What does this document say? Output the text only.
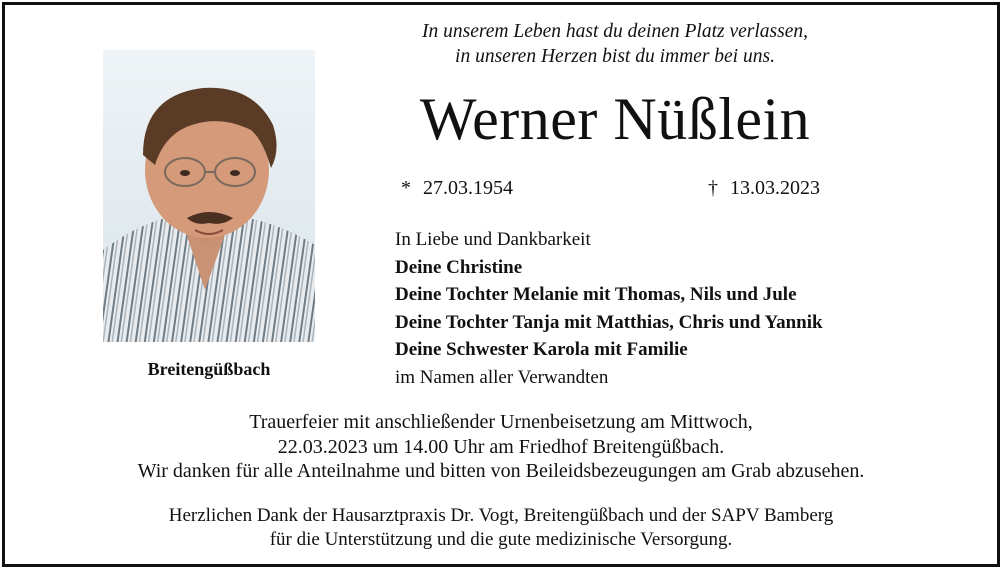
In unserem Leben hast du deinen Platz verlassen,
in unseren Herzen bist du immer bei uns.
Werner Nüßlein
* 27.03.1954	† 13.03.2023
Breitengüßbach
In Liebe und Dankbarkeit
Deine Christine
Deine Tochter Melanie mit Thomas, Nils und Jule
Deine Tochter Tanja mit Matthias, Chris und Yannik
Deine Schwester Karola mit Familie
im Namen aller Verwandten
Trauerfeier mit anschließender Urnenbeisetzung am Mittwoch,
22.03.2023 um 14.00 Uhr am Friedhof Breitengüßbach.
Wir danken für alle Anteilnahme und bitten von Beileidsbezeugungen am Grab abzusehen.
Herzlichen Dank der Hausarztpraxis Dr. Vogt, Breitengüßbach und der SAPV Bamberg
für die Unterstützung und die gute medizinische Versorgung.
